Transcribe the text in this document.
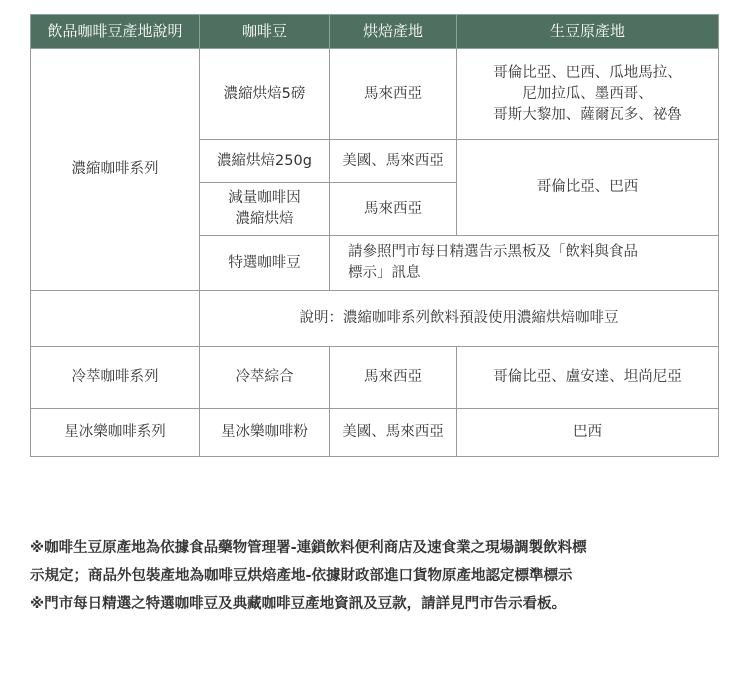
飲品咖啡豆產地說明	咖啡豆	烘焙產地	生豆原產地
濃縮咖啡系列	濃縮烘焙5磅	馬來西亞	哥倫比亞、巴西、瓜地馬拉、
尼加拉瓜、墨西哥、
哥斯大黎加、薩爾瓦多、祕魯

	濃縮烘焙250g	美國、馬來西亞	哥倫比亞、巴西

	減量咖啡因
濃縮烘焙	馬來西亞	
	特選咖啡豆	請參照門市每日精選告示黑板及「飲料與食品
標示」訊息	

	說明：濃縮咖啡系列飲料預設使用濃縮烘焙咖啡豆		
冷萃咖啡系列	冷萃綜合	馬來西亞	哥倫比亞、盧安達、坦尚尼亞
星冰樂咖啡系列	星冰樂咖啡粉	美國、馬來西亞	巴西

※咖啡生豆原產地為依據食品藥物管理署-連鎖飲料便利商店及速食業之現場調製飲料標

示規定；商品外包裝產地為咖啡豆烘焙產地-依據財政部進口貨物原產地認定標準標示

※門市每日精選之特選咖啡豆及典藏咖啡豆產地資訊及豆款，請詳見門市告示看板。
